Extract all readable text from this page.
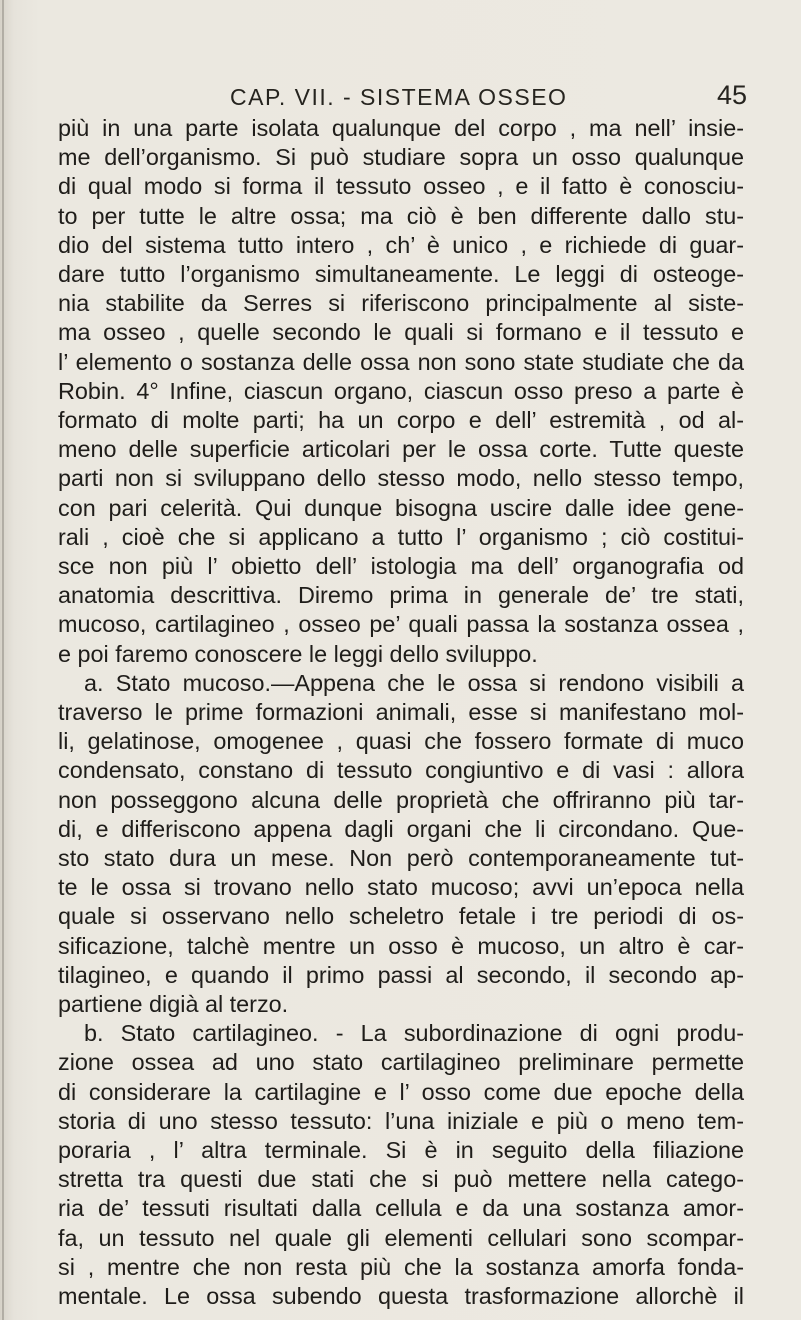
CAP. VII. - SISTEMA OSSEO	45
più in una parte isolata qualunque del corpo , ma nell’ insie-
me dell’organismo. Si può studiare sopra un osso qualunque
di qual modo si forma il tessuto osseo , e il fatto è conosciu-
to per tutte le altre ossa; ma ciò è ben differente dallo stu-
dio del sistema tutto intero , ch’ è unico , e richiede di guar-
dare tutto l’organismo simultaneamente. Le leggi di osteoge-
nia stabilite da Serres si riferiscono principalmente al siste-
ma osseo , quelle secondo le quali si formano e il tessuto e
l’ elemento o sostanza delle ossa non sono state studiate che da
Robin. 4° Infine, ciascun organo, ciascun osso preso a parte è
formato di molte parti; ha un corpo e dell’ estremità , od al-
meno delle superficie articolari per le ossa corte. Tutte queste
parti non si sviluppano dello stesso modo, nello stesso tempo,
con pari celerità. Qui dunque bisogna uscire dalle idee gene-
rali , cioè che si applicano a tutto l’ organismo ; ciò costitui-
sce non più l’ obietto dell’ istologia ma dell’ organografia od
anatomia descrittiva. Diremo prima in generale de’ tre stati,
mucoso, cartilagineo , osseo pe’ quali passa la sostanza ossea ,
e poi faremo conoscere le leggi dello sviluppo.
a. Stato mucoso.—Appena che le ossa si rendono visibili a
traverso le prime formazioni animali, esse si manifestano mol-
li, gelatinose, omogenee , quasi che fossero formate di muco
condensato, constano di tessuto congiuntivo e di vasi : allora
non posseggono alcuna delle proprietà che offriranno più tar-
di, e differiscono appena dagli organi che li circondano. Que-
sto stato dura un mese. Non però contemporaneamente tut-
te le ossa si trovano nello stato mucoso; avvi un’epoca nella
quale si osservano nello scheletro fetale i tre periodi di os-
sificazione, talchè mentre un osso è mucoso, un altro è car-
tilagineo, e quando il primo passi al secondo, il secondo ap-
partiene digià al terzo.
b. Stato cartilagineo. - La subordinazione di ogni produ-
zione ossea ad uno stato cartilagineo preliminare permette
di considerare la cartilagine e l’ osso come due epoche della
storia di uno stesso tessuto: l’una iniziale e più o meno tem-
poraria , l’ altra terminale. Si è in seguito della filiazione
stretta tra questi due stati che si può mettere nella catego-
ria de’ tessuti risultati dalla cellula e da una sostanza amor-
fa, un tessuto nel quale gli elementi cellulari sono scompar-
si , mentre che non resta più che la sostanza amorfa fonda-
mentale. Le ossa subendo questa trasformazione allorchè il
